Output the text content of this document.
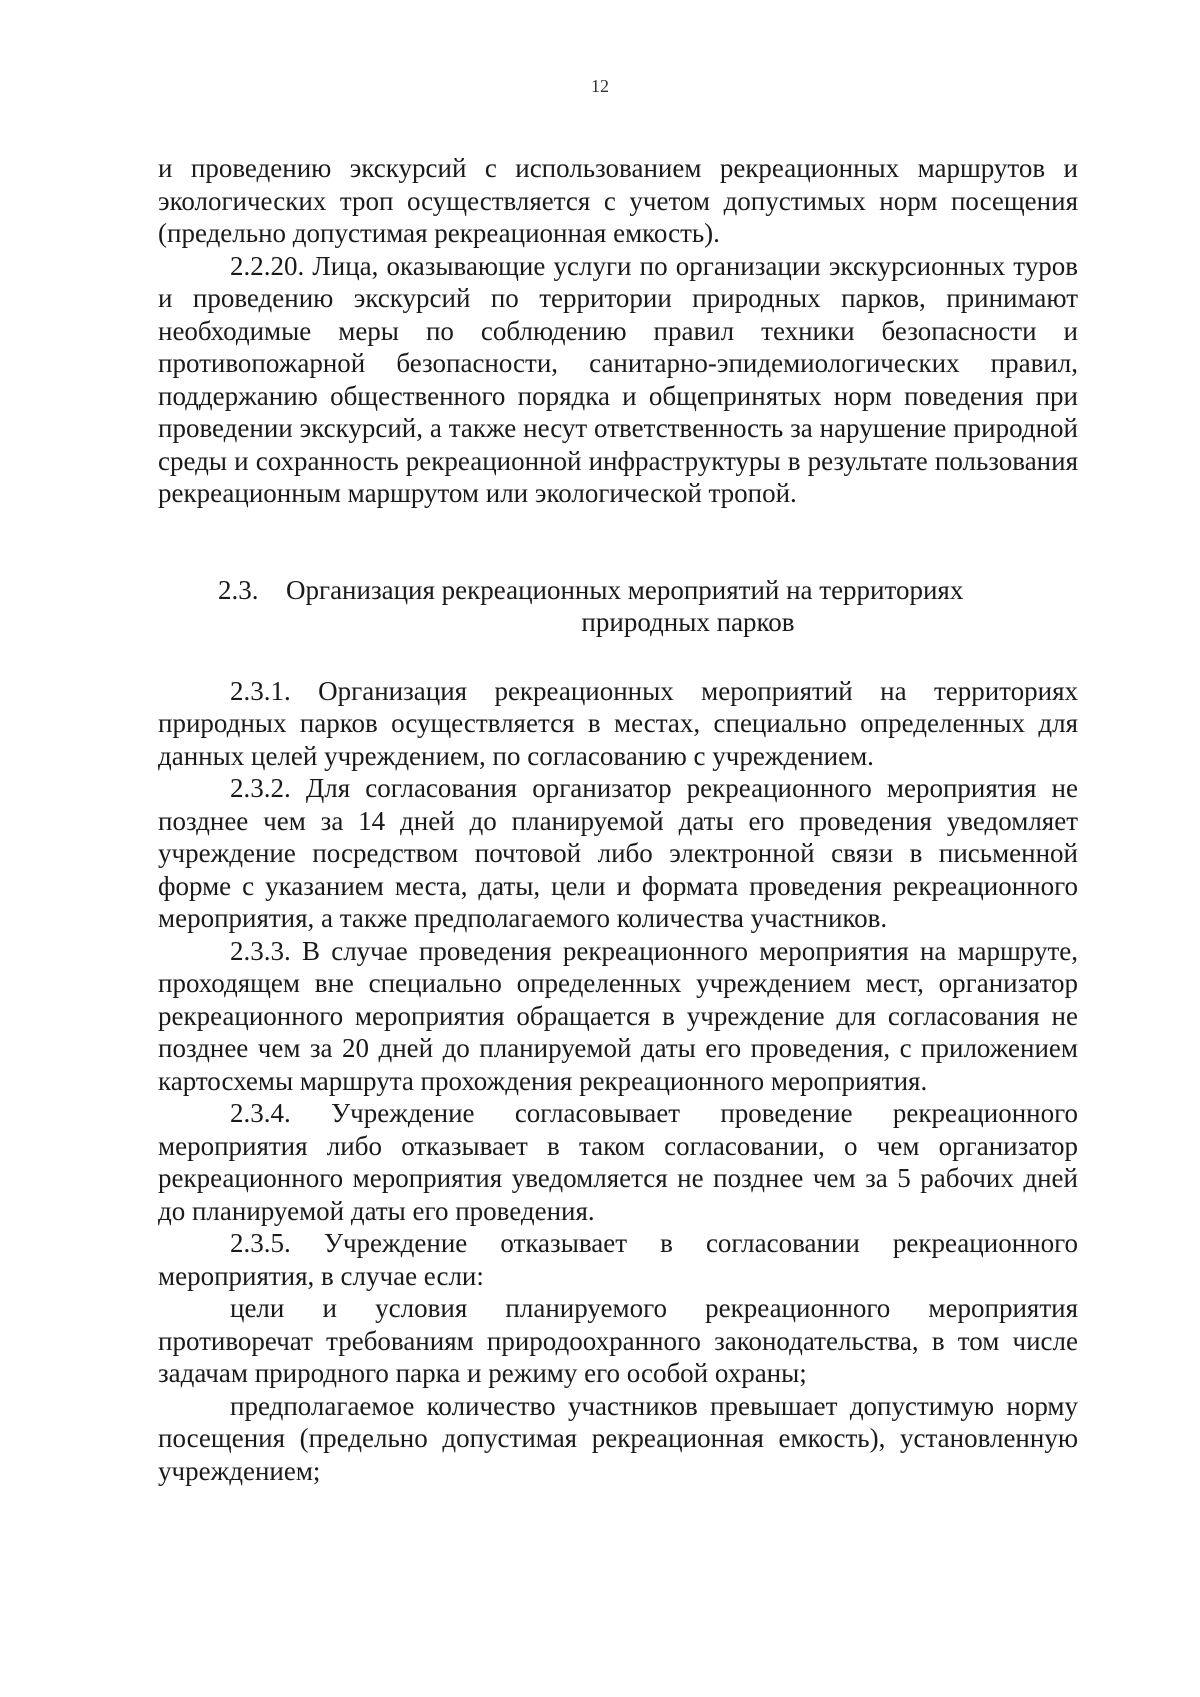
12

и проведению экскурсий с использованием рекреационных маршрутов и экологических троп осуществляется с учетом допустимых норм посещения (предельно допустимая рекреационная емкость).

2.2.20. Лица, оказывающие услуги по организации экскурсионных туров и проведению экскурсий по территории природных парков, принимают необходимые меры по соблюдению правил техники безопасности и противопожарной безопасности, санитарно-эпидемиологических правил, поддержанию общественного порядка и общепринятых норм поведения при проведении экскурсий, а также несут ответственность за нарушение природной среды и сохранность рекреационной инфраструктуры в результате пользования рекреационным маршрутом или экологической тропой.

2.3.	Организация рекреационных мероприятий на территориях
природных парков

2.3.1. Организация рекреационных мероприятий на территориях природных парков осуществляется в местах, специально определенных для данных целей учреждением, по согласованию с учреждением.

2.3.2. Для согласования организатор рекреационного мероприятия не позднее чем за 14 дней до планируемой даты его проведения уведомляет учреждение посредством почтовой либо электронной связи в письменной форме с указанием места, даты, цели и формата проведения рекреационного мероприятия, а также предполагаемого количества участников.

2.3.3. В случае проведения рекреационного мероприятия на маршруте, проходящем вне специально определенных учреждением мест, организатор рекреационного мероприятия обращается в учреждение для согласования не позднее чем за 20 дней до планируемой даты его проведения, с приложением картосхемы маршрута прохождения рекреационного мероприятия.

2.3.4. Учреждение согласовывает проведение рекреационного мероприятия либо отказывает в таком согласовании, о чем организатор рекреационного мероприятия уведомляется не позднее чем за 5 рабочих дней до планируемой даты его проведения.

2.3.5. Учреждение отказывает в согласовании рекреационного мероприятия, в случае если:

цели и условия планируемого рекреационного мероприятия противоречат требованиям природоохранного законодательства, в том числе задачам природного парка и режиму его особой охраны;

предполагаемое количество участников превышает допустимую норму посещения (предельно допустимая рекреационная емкость), установленную учреждением;
